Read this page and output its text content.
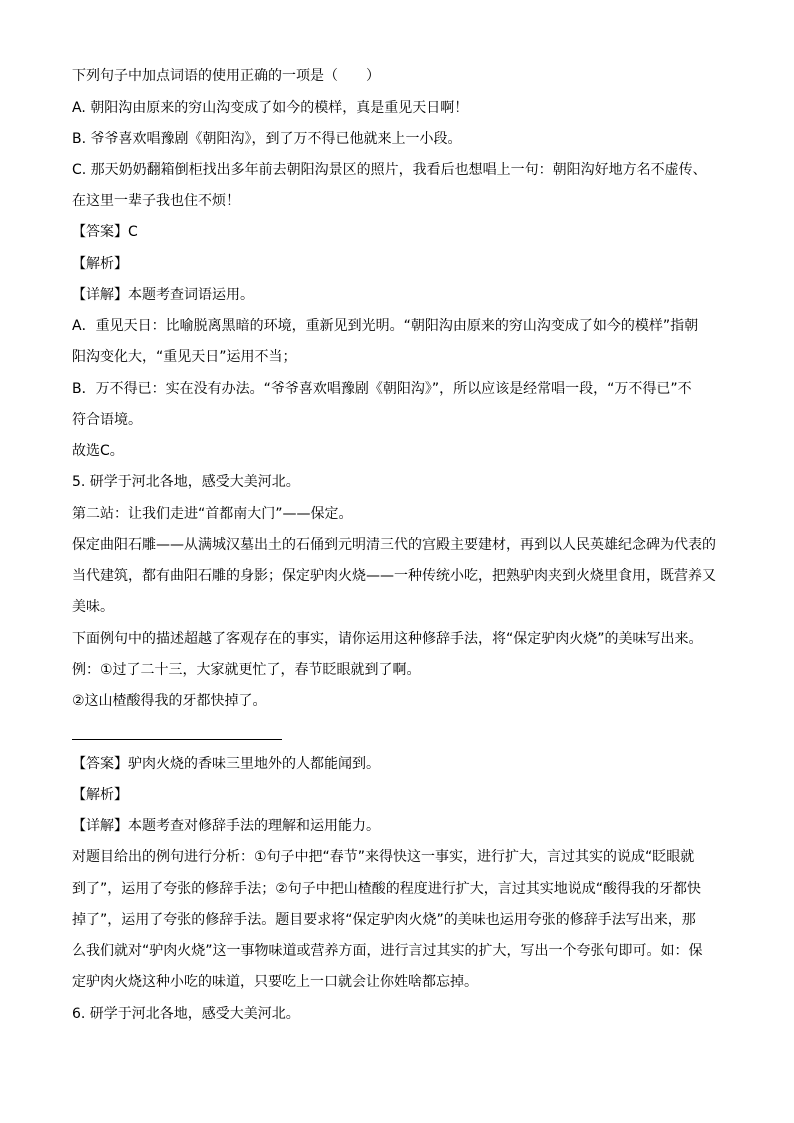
下列句子中加点词语的使用正确的一项是（　　）
A. 朝阳沟由原来的穷山沟变成了如今的模样，真是重见天日啊！
B. 爷爷喜欢唱豫剧《朝阳沟》，到了万不得已他就来上一小段。
C. 那天奶奶翻箱倒柜找出多年前去朝阳沟景区的照片，我看后也想唱上一句：朝阳沟好地方名不虚传、
在这里一辈子我也住不烦！
【答案】C
【解析】
【详解】本题考查词语运用。
A．重见天日：比喻脱离黑暗的环境，重新见到光明。“朝阳沟由原来的穷山沟变成了如今的模样”指朝
阳沟变化大，“重见天日”运用不当；
B．万不得已：实在没有办法。“爷爷喜欢唱豫剧《朝阳沟》”，所以应该是经常唱一段，“万不得已”不
符合语境。
故选C。
5. 研学于河北各地，感受大美河北。
第二站：让我们走进“首都南大门”——保定。
保定曲阳石雕——从满城汉墓出土的石俑到元明清三代的宫殿主要建材，再到以人民英雄纪念碑为代表的
当代建筑，都有曲阳石雕的身影；保定驴肉火烧——一种传统小吃，把熟驴肉夹到火烧里食用，既营养又
美味。
下面例句中的描述超越了客观存在的事实，请你运用这种修辞手法，将“保定驴肉火烧”的美味写出来。
例：①过了二十三，大家就更忙了，春节眨眼就到了啊。
②这山楂酸得我的牙都快掉了。
【答案】驴肉火烧的香味三里地外的人都能闻到。
【解析】
【详解】本题考查对修辞手法的理解和运用能力。
对题目给出的例句进行分析：①句子中把“春节”来得快这一事实，进行扩大，言过其实的说成“眨眼就
到了”，运用了夸张的修辞手法；②句子中把山楂酸的程度进行扩大，言过其实地说成“酸得我的牙都快
掉了”，运用了夸张的修辞手法。题目要求将“保定驴肉火烧”的美味也运用夸张的修辞手法写出来，那
么我们就对“驴肉火烧”这一事物味道或营养方面，进行言过其实的扩大，写出一个夸张句即可。如：保
定驴肉火烧这种小吃的味道，只要吃上一口就会让你姓啥都忘掉。
6. 研学于河北各地，感受大美河北。
